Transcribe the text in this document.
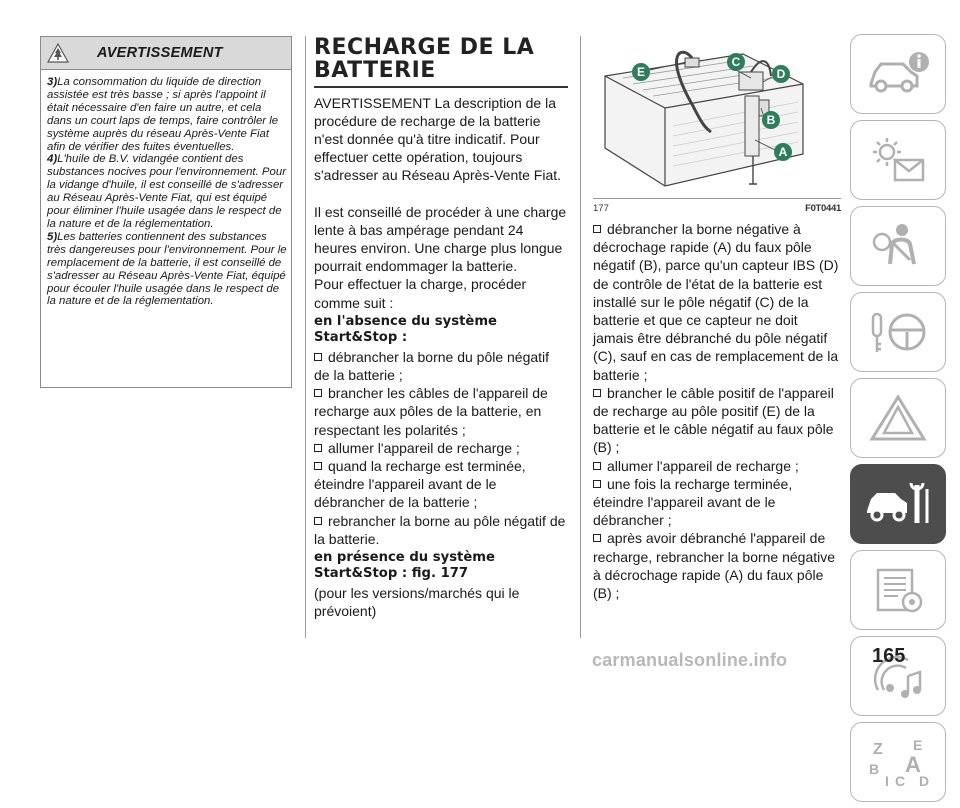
AVERTISSEMENT

3)La consommation du liquide de direction assistée est très basse ; si après l'appoint il était nécessaire d'en faire un autre, et cela dans un court laps de temps, faire contrôler le système auprès du réseau Après-Vente Fiat afin de vérifier des fuites éventuelles.

4)L'huile de B.V. vidangée contient des substances nocives pour l'environnement. Pour la vidange d'huile, il est conseillé de s'adresser au Réseau Après-Vente Fiat, qui est équipé pour éliminer l'huile usagée dans le respect de la nature et de la réglementation.

5)Les batteries contiennent des substances très dangereuses pour l'environnement. Pour le remplacement de la batterie, il est conseillé de s'adresser au Réseau Après-Vente Fiat, équipé pour écouler l'huile usagée dans le respect de la nature et de la réglementation.

RECHARGE DE LA
BATTERIE

AVERTISSEMENT La description de la procédure de recharge de la batterie n'est donnée qu'à titre indicatif. Pour effectuer cette opération, toujours s'adresser au Réseau Après-Vente Fiat.

Il est conseillé de procéder à une charge lente à bas ampérage pendant 24 heures environ. Une charge plus longue pourrait endommager la batterie.

Pour effectuer la charge, procéder comme suit :

en l'absence du système Start&Stop :

débrancher la borne du pôle négatif de la batterie ;

brancher les câbles de l'appareil de recharge aux pôles de la batterie, en respectant les polarités ;

allumer l'appareil de recharge ;

quand la recharge est terminée, éteindre l'appareil avant de le débrancher de la batterie ;

rebrancher la borne au pôle négatif de la batterie.

en présence du système Start&Stop : fig. 177

(pour les versions/marchés qui le prévoient)

E
C
D
B
A
177	F0T0441

débrancher la borne négative à décrochage rapide (A) du faux pôle négatif (B), parce qu'un capteur IBS (D) de contrôle de l'état de la batterie est installé sur le pôle négatif (C) de la batterie et que ce capteur ne doit jamais être débranché du pôle négatif (C), sauf en cas de remplacement de la batterie ;

brancher le câble positif de l'appareil de recharge au pôle positif (E) de la batterie et le câble négatif au faux pôle (B) ;

allumer l'appareil de recharge ;

une fois la recharge terminée, éteindre l'appareil avant de le débrancher ;

après avoir débranché l'appareil de recharge, rebrancher la borne négative à décrochage rapide (A) du faux pôle (B) ;

Z E
B A
I C D
165
carmanualsonline.info
